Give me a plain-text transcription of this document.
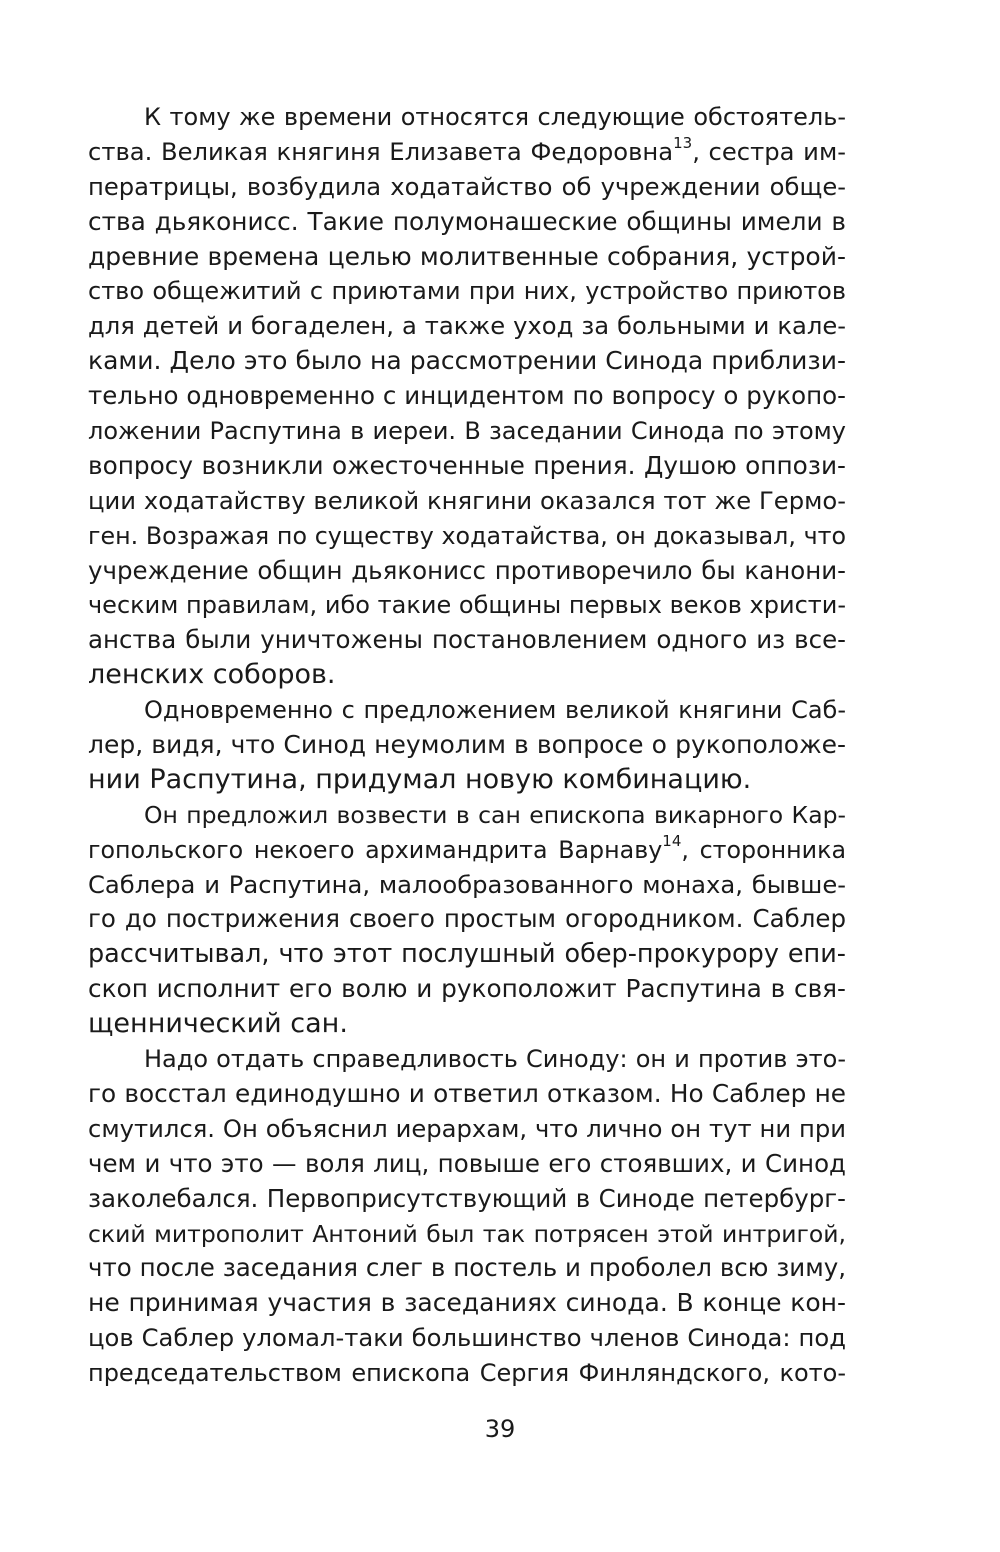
К тому же времени относятся следующие обстоятель-
ства. Великая княгиня Елизавета Федоровна$^{13}$, сестра им-
ператрицы, возбудила ходатайство об учреждении обще-
ства дьяконисс. Такие полумонашеские общины имели в
древние времена целью молитвенные собрания, устрой-
ство общежитий с приютами при них, устройство приютов
для детей и богаделен, а также уход за больными и кале-
ками. Дело это было на рассмотрении Синода приблизи-
тельно одновременно с инцидентом по вопросу о рукопо-
ложении Распутина в иереи. В заседании Синода по этому
вопросу возникли ожесточенные прения. Душою оппози-
ции ходатайству великой княгини оказался тот же Гермо-
ген. Возражая по существу ходатайства, он доказывал, что
учреждение общин дьяконисс противоречило бы канони-
ческим правилам, ибо такие общины первых веков христи-
анства были уничтожены постановлением одного из все-
ленских соборов.
Одновременно с предложением великой княгини Саб-
лер, видя, что Синод неумолим в вопросе о рукоположе-
нии Распутина, придумал новую комбинацию.
Он предложил возвести в сан епископа викарного Кар-
гопольского некоего архимандрита Варнаву$^{14}$, сторонника
Саблера и Распутина, малообразованного монаха, бывше-
го до пострижения своего простым огородником. Саблер
рассчитывал, что этот послушный обер-прокурору епи-
скоп исполнит его волю и рукоположит Распутина в свя-
щеннический сан.
Надо отдать справедливость Синоду: он и против это-
го восстал единодушно и ответил отказом. Но Саблер не
смутился. Он объяснил иерархам, что лично он тут ни при
чем и что это — воля лиц, повыше его стоявших, и Синод
заколебался. Первоприсутствующий в Синоде петербург-
ский митрополит Антоний был так потрясен этой интригой,
что после заседания слег в постель и проболел всю зиму,
не принимая участия в заседаниях синода. В конце кон-
цов Саблер уломал-таки большинство членов Синода: под
председательством епископа Сергия Финляндского, кото-
39
